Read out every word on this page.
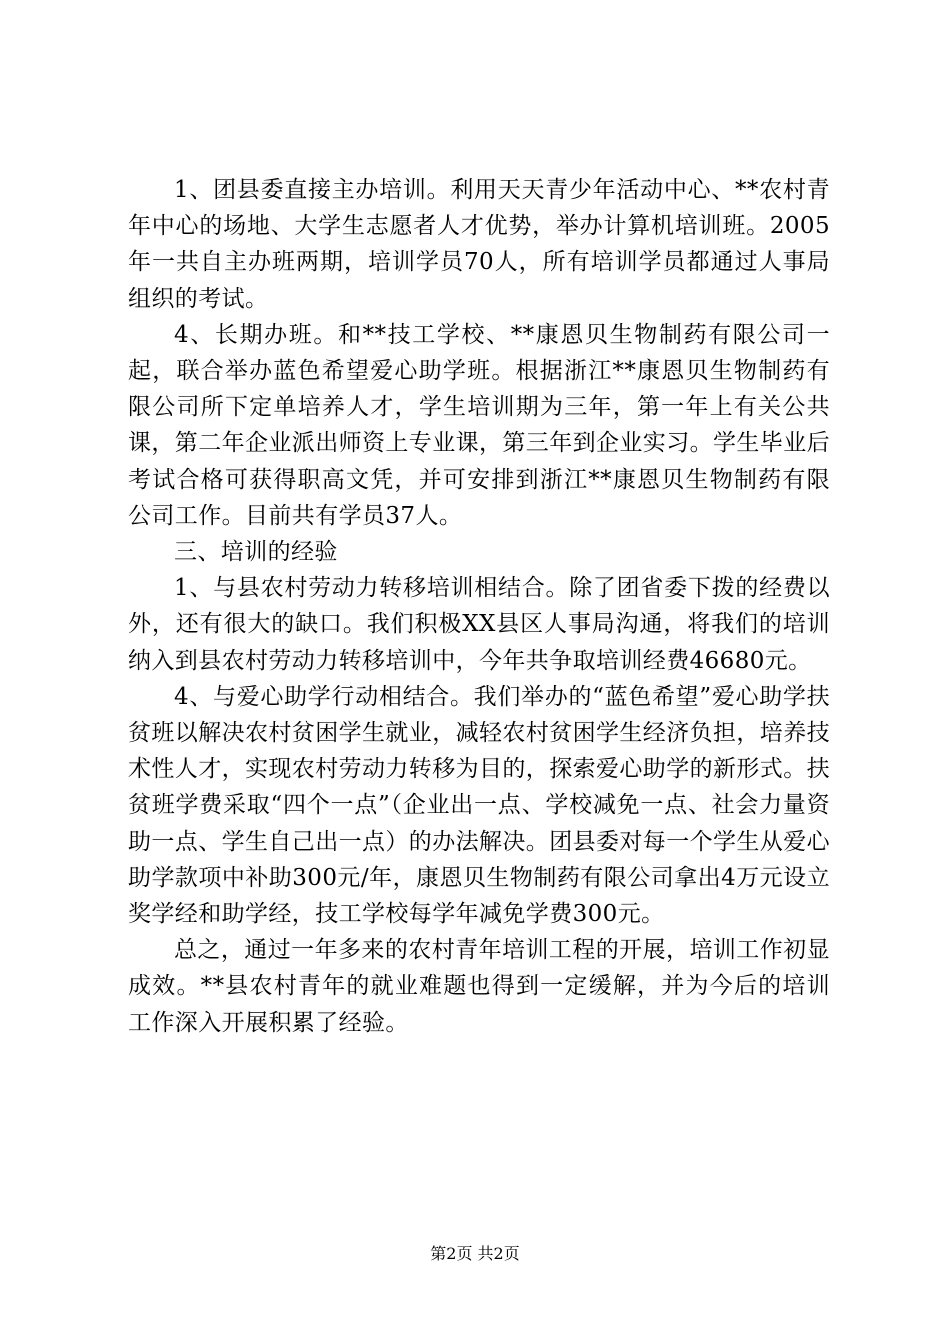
1、团县委直接主办培训。利用天天青少年活动中心、**农村青年中心的场地、大学生志愿者人才优势，举办计算机培训班。2005年一共自主办班两期，培训学员70人，所有培训学员都通过人事局组织的考试。

4、长期办班。和**技工学校、**康恩贝生物制药有限公司一起，联合举办蓝色希望爱心助学班。根据浙江**康恩贝生物制药有限公司所下定单培养人才，学生培训期为三年，第一年上有关公共课，第二年企业派出师资上专业课，第三年到企业实习。学生毕业后考试合格可获得职高文凭，并可安排到浙江**康恩贝生物制药有限公司工作。目前共有学员37人。

三、培训的经验

1、与县农村劳动力转移培训相结合。除了团省委下拨的经费以外，还有很大的缺口。我们积极XX县区人事局沟通，将我们的培训纳入到县农村劳动力转移培训中，今年共争取培训经费46680元。

4、与爱心助学行动相结合。我们举办的“蓝色希望”爱心助学扶贫班以解决农村贫困学生就业，减轻农村贫困学生经济负担，培养技术性人才，实现农村劳动力转移为目的，探索爱心助学的新形式。扶贫班学费采取“四个一点”（企业出一点、学校减免一点、社会力量资助一点、学生自己出一点）的办法解决。团县委对每一个学生从爱心助学款项中补助300元/年，康恩贝生物制药有限公司拿出4万元设立奖学经和助学经，技工学校每学年减免学费300元。

总之，通过一年多来的农村青年培训工程的开展，培训工作初显成效。**县农村青年的就业难题也得到一定缓解，并为今后的培训工作深入开展积累了经验。

第2页 共2页
